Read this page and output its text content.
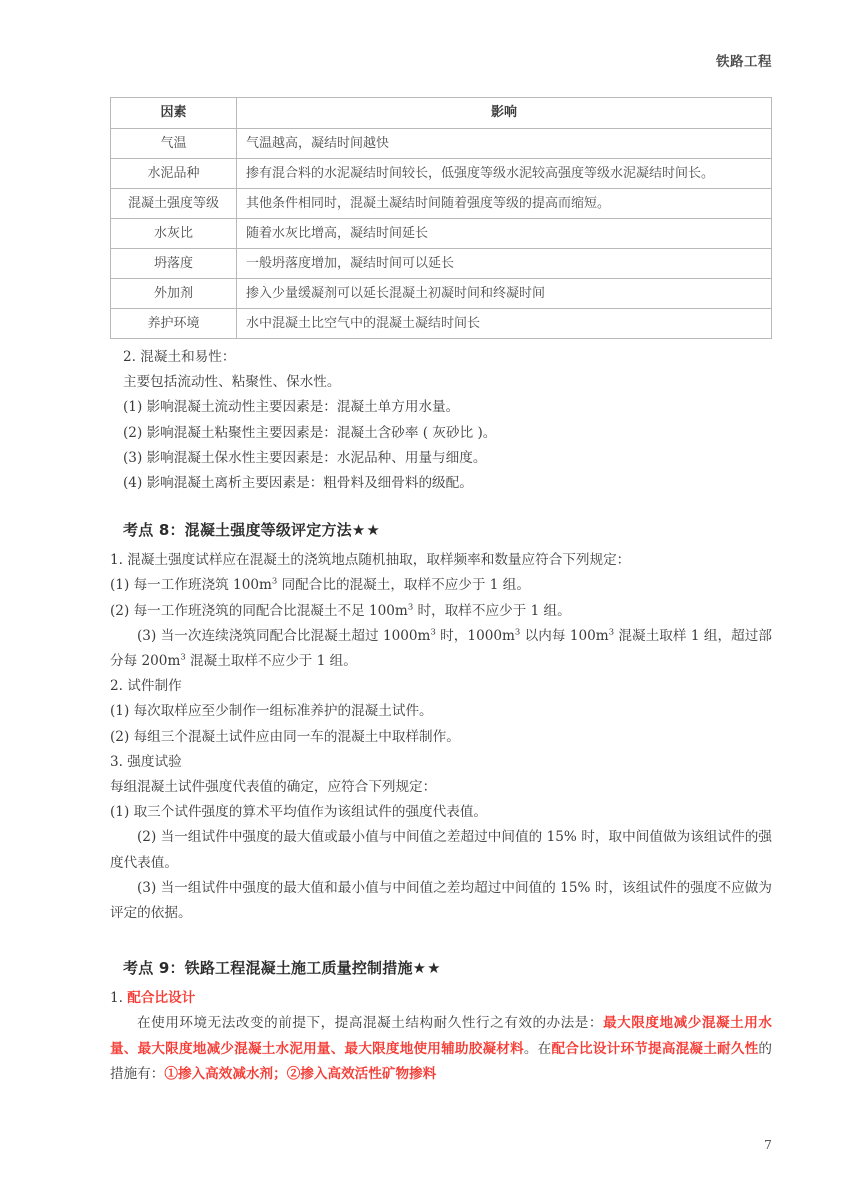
铁路工程
因素	影响
气温	气温越高，凝结时间越快
水泥品种	掺有混合料的水泥凝结时间较长，低强度等级水泥较高强度等级水泥凝结时间长。
混凝土强度等级	其他条件相同时，混凝土凝结时间随着强度等级的提高而缩短。
水灰比	随着水灰比增高，凝结时间延长
坍落度	一般坍落度增加，凝结时间可以延长
外加剂	掺入少量缓凝剂可以延长混凝土初凝时间和终凝时间
养护环境	水中混凝土比空气中的混凝土凝结时间长

2. 混凝土和易性：

主要包括流动性、粘聚性、保水性。

(1) 影响混凝土流动性主要因素是：混凝土单方用水量。

(2) 影响混凝土粘聚性主要因素是：混凝土含砂率 ( 灰砂比 )。

(3) 影响混凝土保水性主要因素是：水泥品种、用量与细度。

(4) 影响混凝土离析主要因素是：粗骨料及细骨料的级配。

考点 8：混凝土强度等级评定方法★★

1. 混凝土强度试样应在混凝土的浇筑地点随机抽取，取样频率和数量应符合下列规定：

(1) 每一工作班浇筑 $100m^3$ 同配合比的混凝土，取样不应少于 1 组。

(2) 每一工作班浇筑的同配合比混凝土不足 $100m^3$ 时，取样不应少于 1 组。

(3) 当一次连续浇筑同配合比混凝土超过 $1000m^3$ 时，$1000m^3$ 以内每 $100m^3$ 混凝土取样 1 组，超过部分每 $200m^3$ 混凝土取样不应少于 1 组。

2. 试件制作

(1) 每次取样应至少制作一组标准养护的混凝土试件。

(2) 每组三个混凝土试件应由同一车的混凝土中取样制作。

3. 强度试验

每组混凝土试件强度代表值的确定，应符合下列规定：

(1) 取三个试件强度的算术平均值作为该组试件的强度代表值。

(2) 当一组试件中强度的最大值或最小值与中间值之差超过中间值的 15% 时，取中间值做为该组试件的强度代表值。

(3) 当一组试件中强度的最大值和最小值与中间值之差均超过中间值的 15% 时，该组试件的强度不应做为评定的依据。

考点 9：铁路工程混凝土施工质量控制措施★★

1. 配合比设计

在使用环境无法改变的前提下，提高混凝土结构耐久性行之有效的办法是：最大限度地减少混凝土用水量、最大限度地减少混凝土水泥用量、最大限度地使用辅助胶凝材料。在配合比设计环节提高混凝土耐久性的措施有：①掺入高效减水剂；②掺入高效活性矿物掺料

7
